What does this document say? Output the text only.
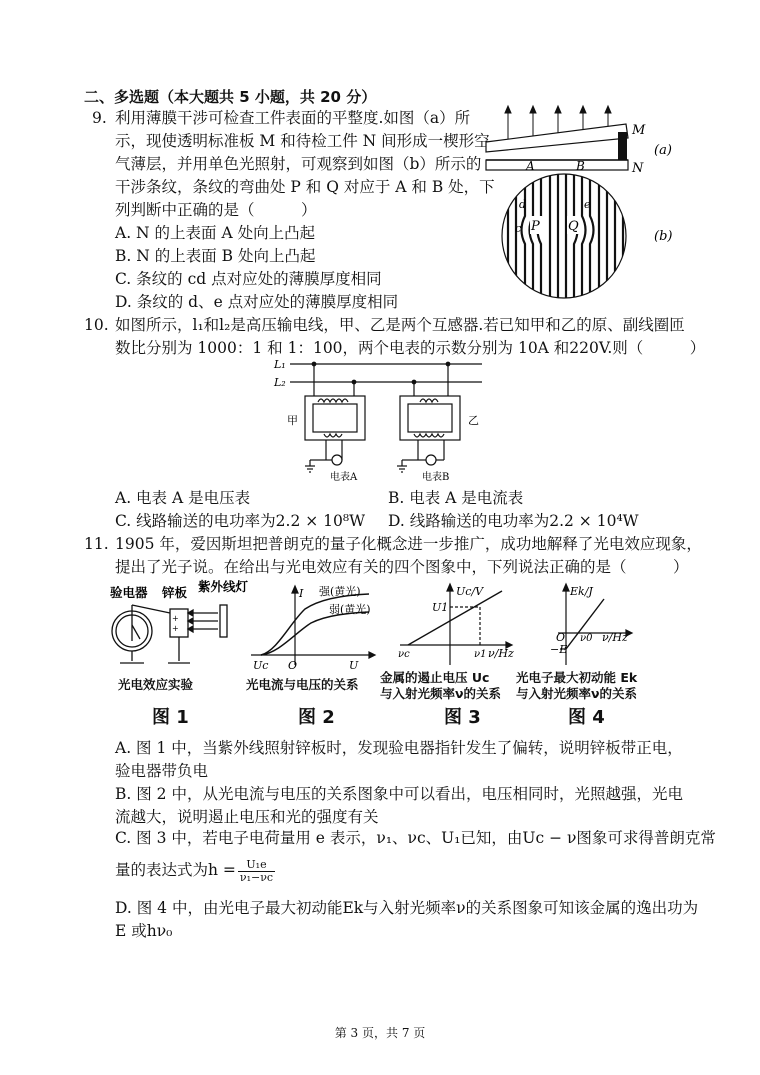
二、多选题（本大题共 5 小题，共 20 分）
9. 利用薄膜干涉可检查工件表面的平整度.如图（a）所
示，现使透明标准板 M 和待检工件 N 间形成一楔形空
气薄层，并用单色光照射，可观察到如图（b）所示的
干涉条纹，条纹的弯曲处 P 和 Q 对应于 A 和 B 处，下
列判断中正确的是（　　　）
A. N 的上表面 A 处向上凸起
B. N 的上表面 B 处向上凸起
C. 条纹的 cd 点对应处的薄膜厚度相同
D. 条纹的 d、e 点对应处的薄膜厚度相同
M
N
A	B
(a)
P Q
c
d	e
(b)
10. 如图所示，l₁和l₂是高压输电线，甲、乙是两个互感器.若已知甲和乙的原、副线圈匝
数比分别为 1000：1 和 1：100，两个电表的示数分别为 10A 和220V.则（　　　）
L₁
L₂
甲
电表A
乙
电表B
A. 电表 A 是电压表	B. 电表 A 是电流表
C. 线路输送的电功率为2.2 × 10⁸W D. 线路输送的电功率为2.2 × 10⁴W
11. 1905 年，爱因斯坦把普朗克的量子化概念进一步推广，成功地解释了光电效应现象，
提出了光子说。在给出与光电效应有关的四个图象中，下列说法正确的是（　　　）
验电器 锌板 紫外线灯
+
+
光电效应实验
图 1
I 强(黄光)
弱(黄光)
Uc O	U
光电流与电压的关系
图 2
Uc/V
U1
νc	ν1 ν/Hz
金属的遏止电压 Uc
与入射光频率ν的关系
图 3
Ek/J
O ν0
−E
ν/Hz
光电子最大初动能 Ek
与入射光频率ν的关系
图 4
A. 图 1 中，当紫外线照射锌板时，发现验电器指针发生了偏转，说明锌板带正电，
验电器带负电
B. 图 2 中，从光电流与电压的关系图象中可以看出，电压相同时，光照越强，光电
流越大，说明遏止电压和光的强度有关
C. 图 3 中，若电子电荷量用 e 表示，ν₁、νc、U₁已知，由Uc − ν图象可求得普朗克常
量的表达式为$h = \frac{\text{U₁e}}{\text{ν₁−νc}}$
D. 图 4 中，由光电子最大初动能Ek与入射光频率ν的关系图象可知该金属的逸出功为
E 或hν₀
第 3 页，共 7 页
